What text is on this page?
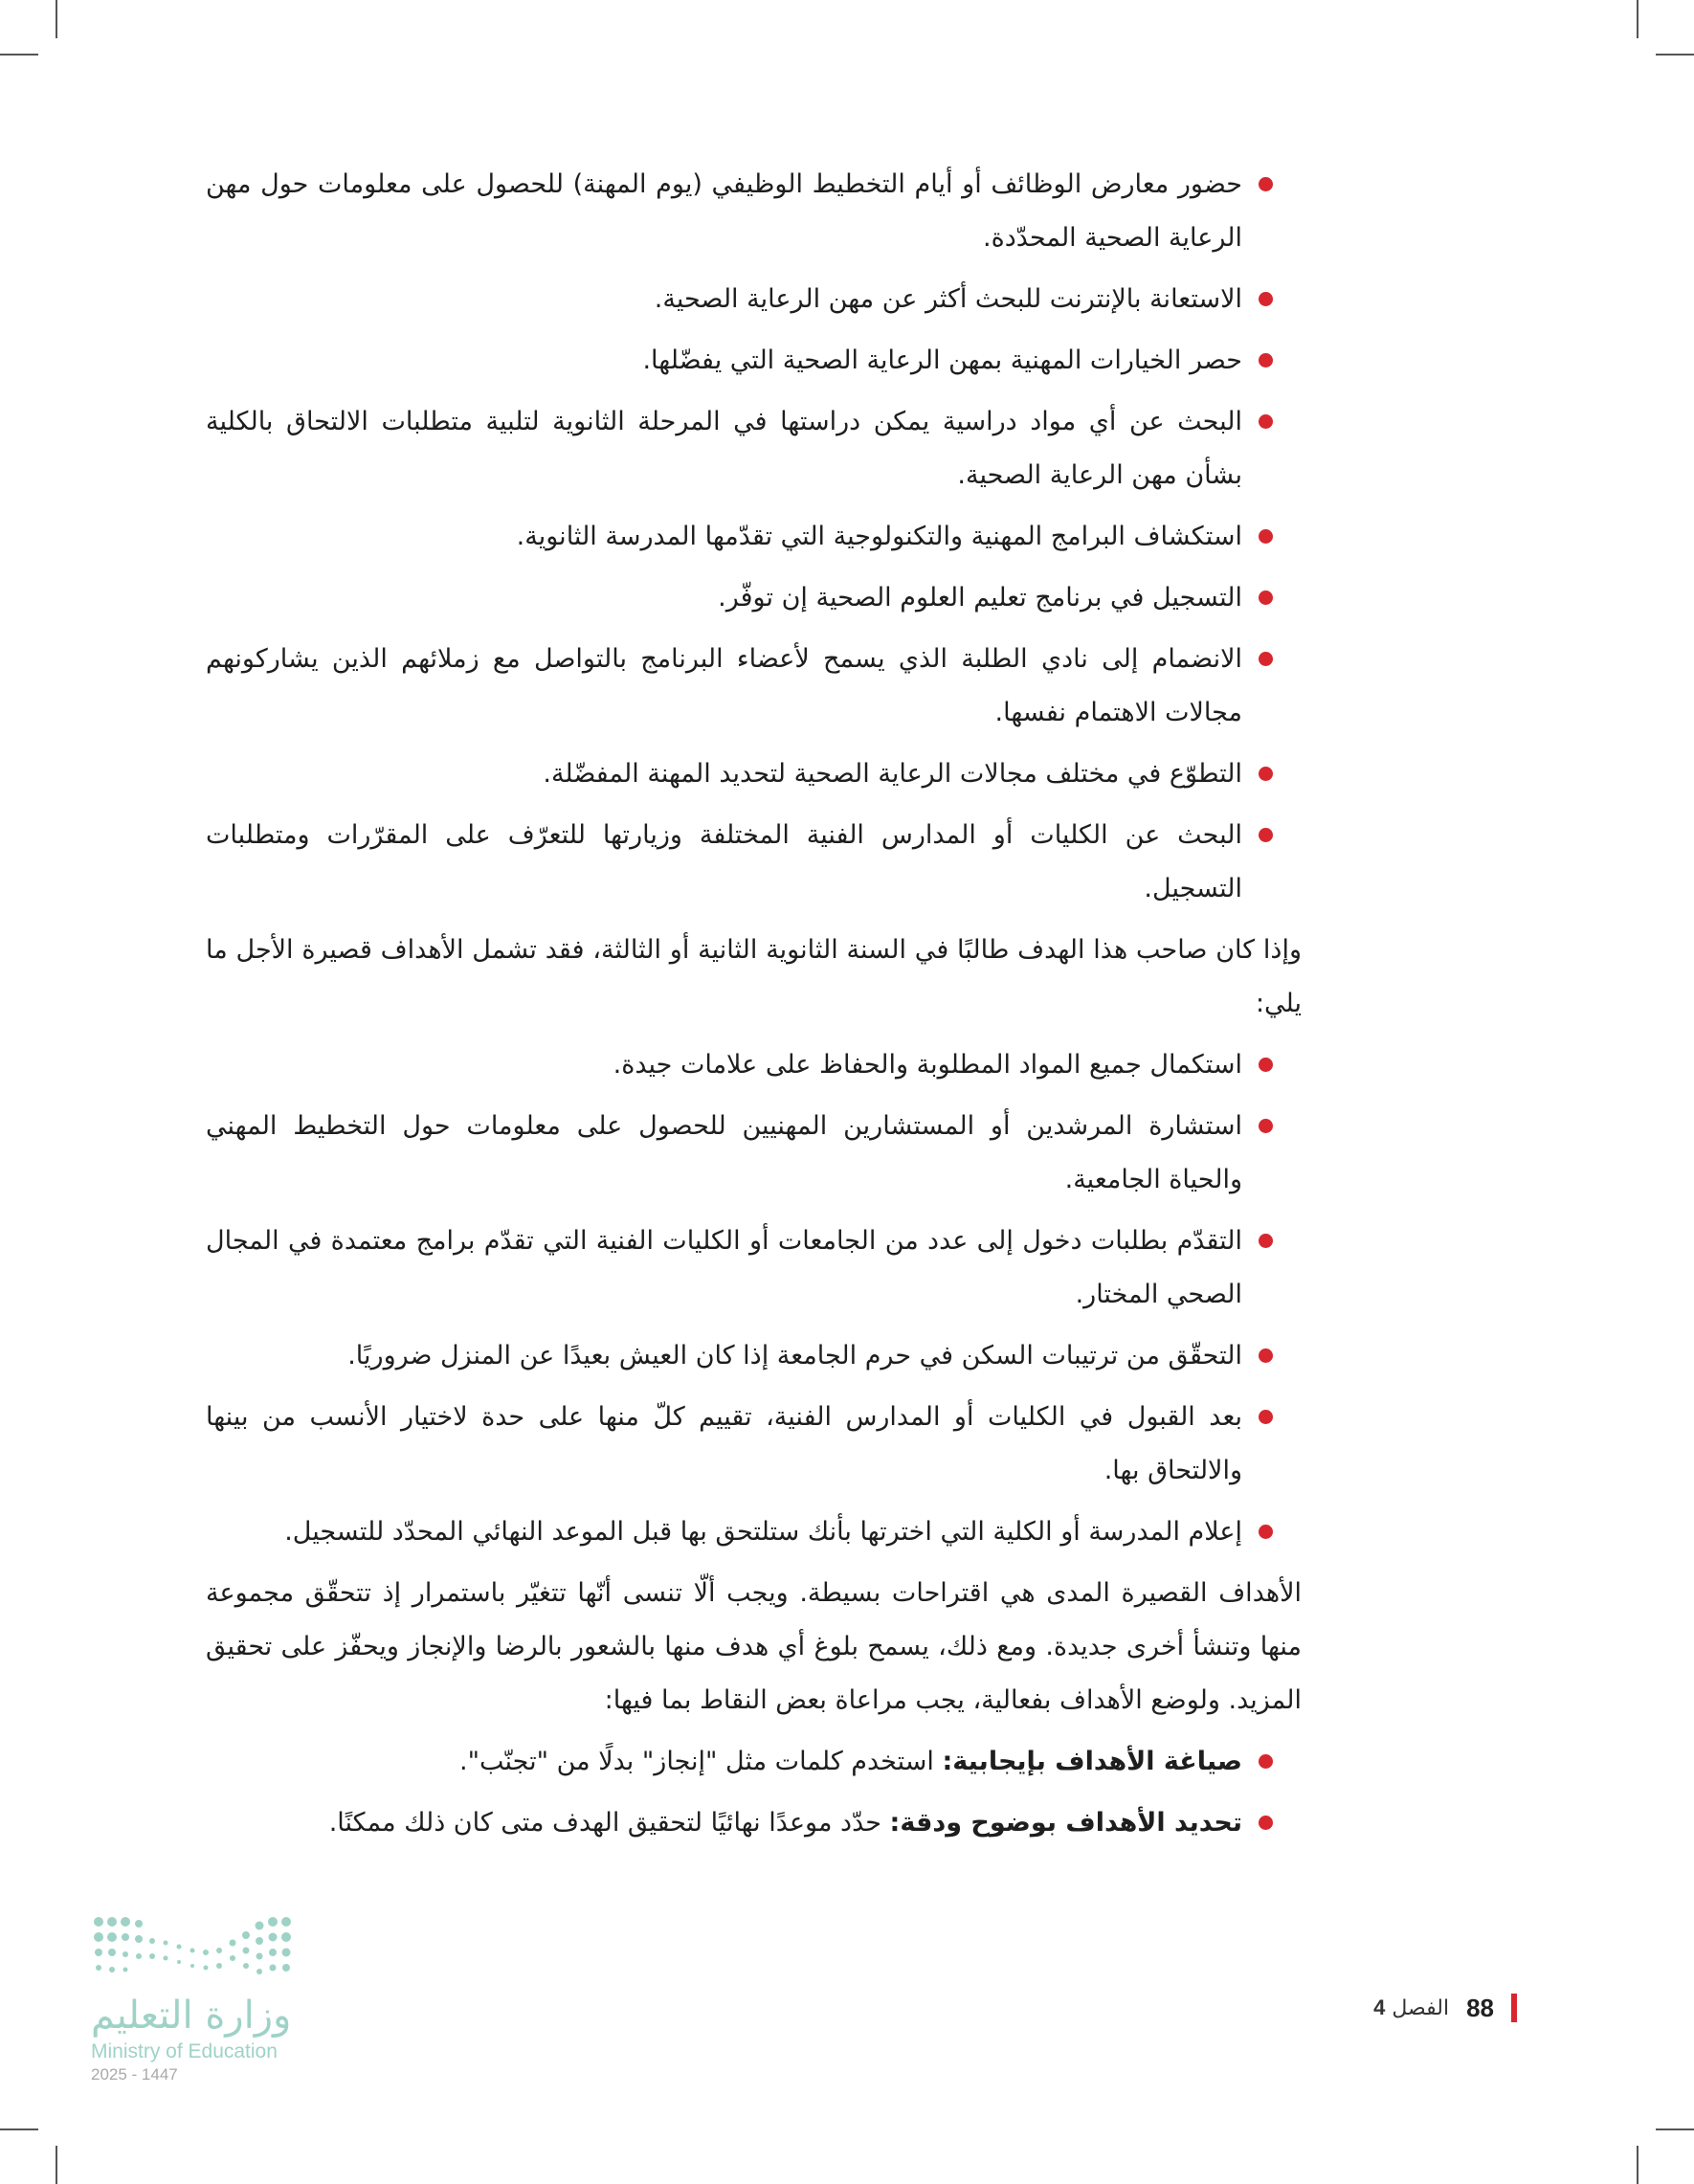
حضور معارض الوظائف أو أيام التخطيط الوظيفي (يوم المهنة) للحصول على معلومات حول مهن الرعاية الصحية المحدّدة.
الاستعانة بالإنترنت للبحث أكثر عن مهن الرعاية الصحية.
حصر الخيارات المهنية بمهن الرعاية الصحية التي يفضّلها.
البحث عن أي مواد دراسية يمكن دراستها في المرحلة الثانوية لتلبية متطلبات الالتحاق بالكلية بشأن مهن الرعاية الصحية.
استكشاف البرامج المهنية والتكنولوجية التي تقدّمها المدرسة الثانوية.
التسجيل في برنامج تعليم العلوم الصحية إن توفّر.
الانضمام إلى نادي الطلبة الذي يسمح لأعضاء البرنامج بالتواصل مع زملائهم الذين يشاركونهم مجالات الاهتمام نفسها.
التطوّع في مختلف مجالات الرعاية الصحية لتحديد المهنة المفضّلة.
البحث عن الكليات أو المدارس الفنية المختلفة وزيارتها للتعرّف على المقرّرات ومتطلبات التسجيل.

وإذا كان صاحب هذا الهدف طالبًا في السنة الثانوية الثانية أو الثالثة، فقد تشمل الأهداف قصيرة الأجل ما يلي:

استكمال جميع المواد المطلوبة والحفاظ على علامات جيدة.
استشارة المرشدين أو المستشارين المهنيين للحصول على معلومات حول التخطيط المهني والحياة الجامعية.
التقدّم بطلبات دخول إلى عدد من الجامعات أو الكليات الفنية التي تقدّم برامج معتمدة في المجال الصحي المختار.
التحقّق من ترتيبات السكن في حرم الجامعة إذا كان العيش بعيدًا عن المنزل ضروريًا.
بعد القبول في الكليات أو المدارس الفنية، تقييم كلّ منها على حدة لاختيار الأنسب من بينها والالتحاق بها.
إعلام المدرسة أو الكلية التي اخترتها بأنك ستلتحق بها قبل الموعد النهائي المحدّد للتسجيل.

الأهداف القصيرة المدى هي اقتراحات بسيطة. ويجب ألّا تنسى أنّها تتغيّر باستمرار إذ تتحقّق مجموعة منها وتنشأ أخرى جديدة. ومع ذلك، يسمح بلوغ أي هدف منها بالشعور بالرضا والإنجاز ويحفّز على تحقيق المزيد. ولوضع الأهداف بفعالية، يجب مراعاة بعض النقاط بما فيها:

صياغة الأهداف بإيجابية: استخدم كلمات مثل "إنجاز" بدلًا من "تجنّب".
تحديد الأهداف بوضوح ودقة: حدّد موعدًا نهائيًا لتحقيق الهدف متى كان ذلك ممكنًا.
وزارة التعليم
Ministry of Education
2025 - 1447
88
الفصل 4
